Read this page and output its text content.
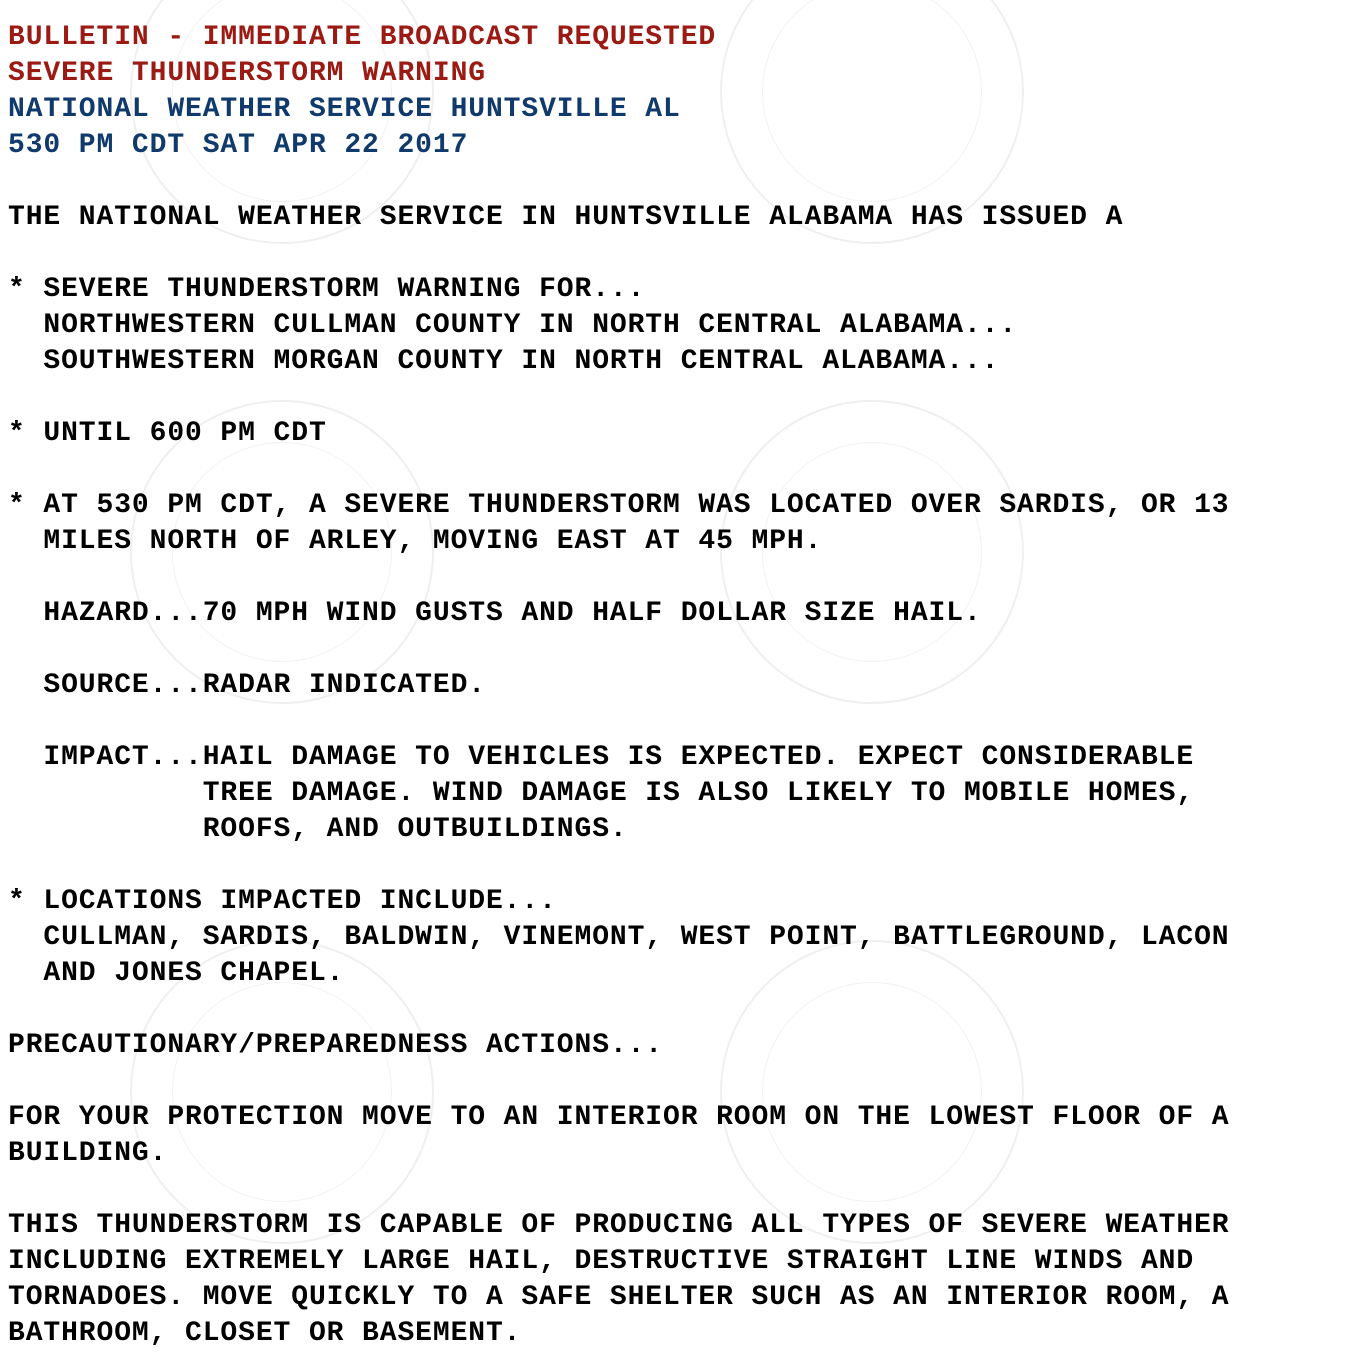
BULLETIN - IMMEDIATE BROADCAST REQUESTED
SEVERE THUNDERSTORM WARNING
NATIONAL WEATHER SERVICE HUNTSVILLE AL
530 PM CDT SAT APR 22 2017
THE NATIONAL WEATHER SERVICE IN HUNTSVILLE ALABAMA HAS ISSUED A
* SEVERE THUNDERSTORM WARNING FOR...
NORTHWESTERN CULLMAN COUNTY IN NORTH CENTRAL ALABAMA...
SOUTHWESTERN MORGAN COUNTY IN NORTH CENTRAL ALABAMA...
* UNTIL 600 PM CDT
* AT 530 PM CDT, A SEVERE THUNDERSTORM WAS LOCATED OVER SARDIS, OR 13
MILES NORTH OF ARLEY, MOVING EAST AT 45 MPH.
HAZARD...70 MPH WIND GUSTS AND HALF DOLLAR SIZE HAIL.
SOURCE...RADAR INDICATED.
IMPACT...HAIL DAMAGE TO VEHICLES IS EXPECTED. EXPECT CONSIDERABLE
TREE DAMAGE. WIND DAMAGE IS ALSO LIKELY TO MOBILE HOMES,
ROOFS, AND OUTBUILDINGS.
* LOCATIONS IMPACTED INCLUDE...
CULLMAN, SARDIS, BALDWIN, VINEMONT, WEST POINT, BATTLEGROUND, LACON
AND JONES CHAPEL.
PRECAUTIONARY/PREPAREDNESS ACTIONS...
FOR YOUR PROTECTION MOVE TO AN INTERIOR ROOM ON THE LOWEST FLOOR OF A
BUILDING.
THIS THUNDERSTORM IS CAPABLE OF PRODUCING ALL TYPES OF SEVERE WEATHER
INCLUDING EXTREMELY LARGE HAIL, DESTRUCTIVE STRAIGHT LINE WINDS AND
TORNADOES. MOVE QUICKLY TO A SAFE SHELTER SUCH AS AN INTERIOR ROOM, A
BATHROOM, CLOSET OR BASEMENT.
